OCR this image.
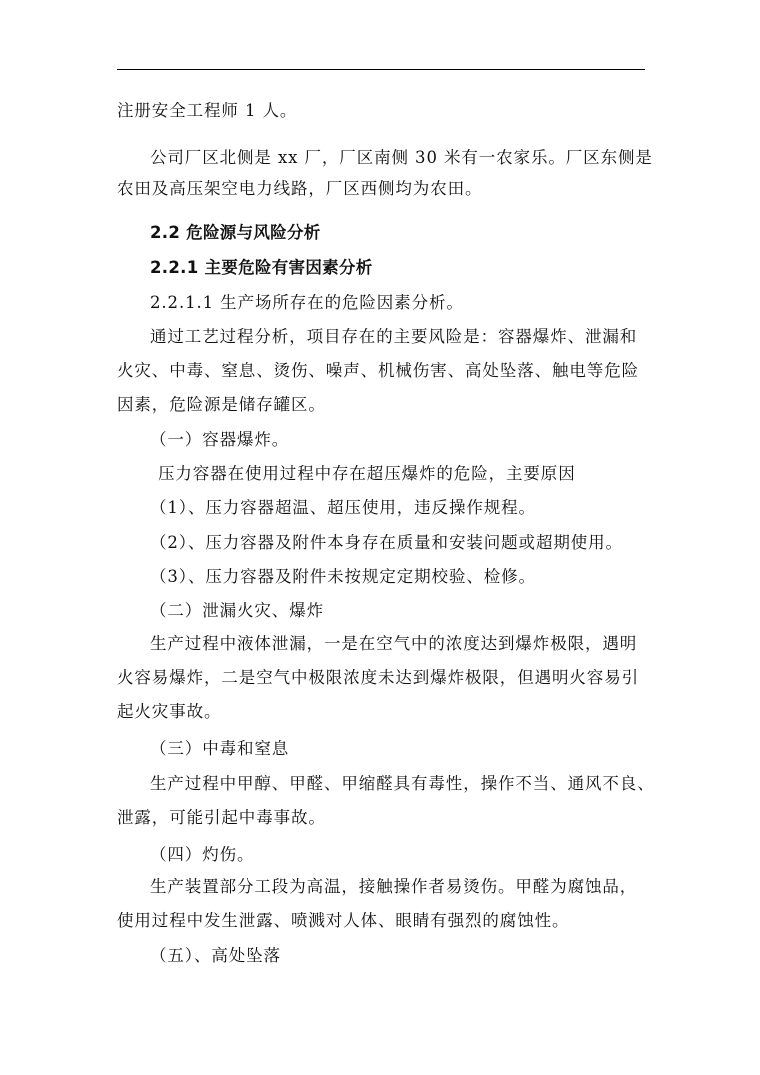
注册安全工程师 1 人。
公司厂区北侧是 xx 厂，厂区南侧 30 米有一农家乐。厂区东侧是
农田及高压架空电力线路，厂区西侧均为农田。
2.2 危险源与风险分析
2.2.1 主要危险有害因素分析
2.2.1.1 生产场所存在的危险因素分析。
通过工艺过程分析，项目存在的主要风险是：容器爆炸、泄漏和
火灾、中毒、窒息、烫伤、噪声、机械伤害、高处坠落、触电等危险
因素，危险源是储存罐区。
（一）容器爆炸。
压力容器在使用过程中存在超压爆炸的危险，主要原因
（1）、压力容器超温、超压使用，违反操作规程。
（2）、压力容器及附件本身存在质量和安装问题或超期使用。
（3）、压力容器及附件未按规定定期校验、检修。
（二）泄漏火灾、爆炸
生产过程中液体泄漏，一是在空气中的浓度达到爆炸极限，遇明
火容易爆炸，二是空气中极限浓度未达到爆炸极限，但遇明火容易引
起火灾事故。
（三）中毒和窒息
生产过程中甲醇、甲醛、甲缩醛具有毒性，操作不当、通风不良、
泄露，可能引起中毒事故。
（四）灼伤。
生产装置部分工段为高温，接触操作者易烫伤。甲醛为腐蚀品，
使用过程中发生泄露、喷溅对人体、眼睛有强烈的腐蚀性。
（五）、高处坠落
